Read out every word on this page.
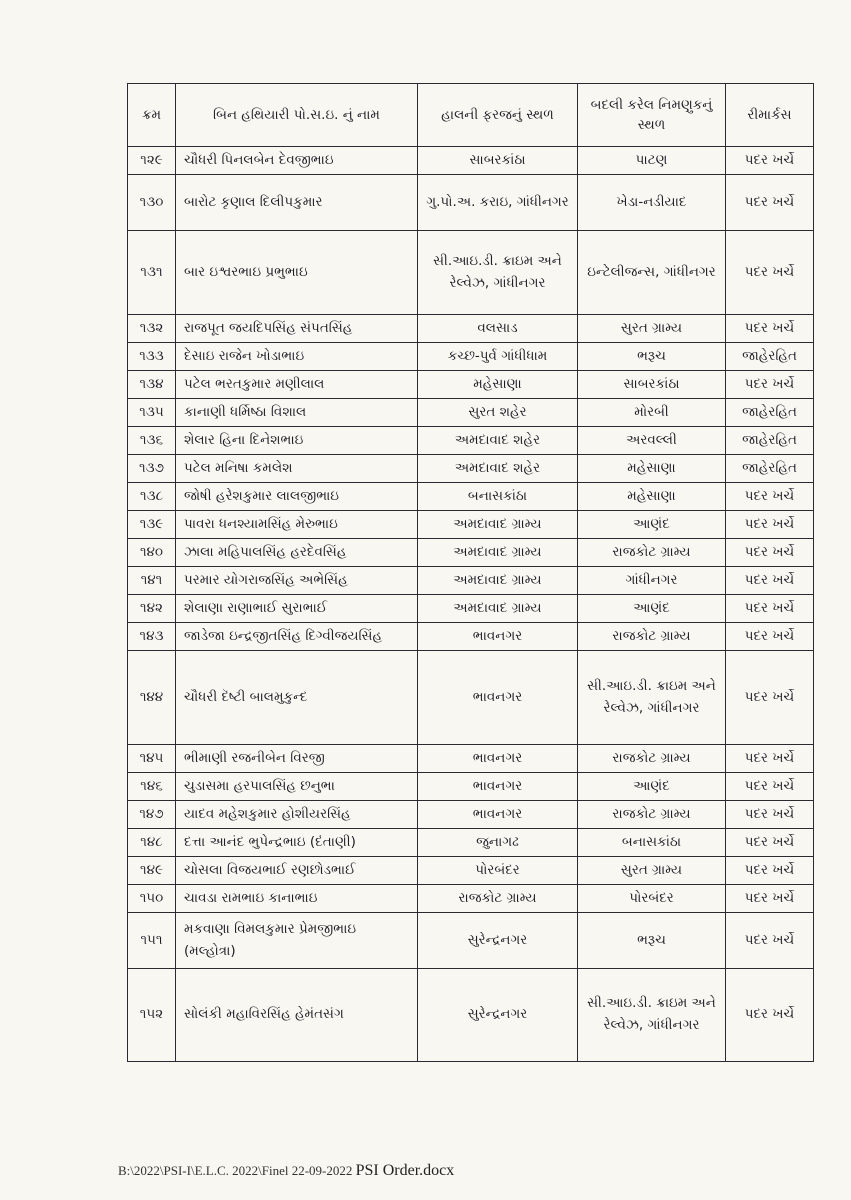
ક્રમ	બિન હથિયારી પો.સ.ઇ. નું નામ	હાલની ફરજનું સ્થળ	બદલી કરેલ નિમણુકનું સ્થળ	રીમાર્કસ
૧૨૯	ચૌધરી પિનલબેન દેવજીભાઇ	સાબરકાંઠા	પાટણ	પદર ખર્ચે
૧૩૦	બારોટ કૃણાલ દિલીપકુમાર	ગુ.પો.અ. કરાઇ, ગાંધીનગર	ખેડા-નડીયાદ	પદર ખર્ચે
૧૩૧	બાર ઇશ્વરભાઇ પ્રભુભાઇ	સી.આઇ.ડી. ક્રાઇમ અને રેલ્વેઝ, ગાંધીનગર	ઇન્ટેલીજન્સ, ગાંધીનગર	પદર ખર્ચે
૧૩૨	રાજપૂત જયદિપસિંહ સંપતસિંહ	વલસાડ	સુરત ગ્રામ્ય	પદર ખર્ચે
૧૩૩	દેસાઇ રાજેન ખોડાભાઇ	કચ્છ-પુર્વ ગાંધીધામ	ભરૂચ	જાહેરહિત
૧૩૪	પટેલ ભરતકુમાર મણીલાલ	મહેસાણા	સાબરકાંઠા	પદર ખર્ચે
૧૩૫	કાનાણી ધર્મિષ્ઠા વિશાલ	સુરત શહેર	મોરબી	જાહેરહિત
૧૩૬	શેલાર હિના દિનેશભાઇ	અમદાવાદ શહેર	અરવલ્લી	જાહેરહિત
૧૩૭	પટેલ મનિષા કમલેશ	અમદાવાદ શહેર	મહેસાણા	જાહેરહિત
૧૩૮	જોષી હરેશકુમાર લાલજીભાઇ	બનાસકાંઠા	મહેસાણા	પદર ખર્ચે
૧૩૯	પાવરા ધનશ્યામસિંહ મેરુભાઇ	અમદાવાદ ગ્રામ્ય	આણંદ	પદર ખર્ચે
૧૪૦	ઝાલા મહિપાલસિંહ હરદેવસિંહ	અમદાવાદ ગ્રામ્ય	રાજકોટ ગ્રામ્ય	પદર ખર્ચે
૧૪૧	પરમાર યોગરાજસિંહ અભેસિંહ	અમદાવાદ ગ્રામ્ય	ગાંધીનગર	પદર ખર્ચે
૧૪૨	શેલાણા રાણાભાઈ સુરાભાઈ	અમદાવાદ ગ્રામ્ય	આણંદ	પદર ખર્ચે
૧૪૩	જાડેજા ઇન્દ્રજીતસિંહ દિગ્વીજયસિંહ	ભાવનગર	રાજકોટ ગ્રામ્ય	પદર ખર્ચે
૧૪૪	ચૌધરી દૅષ્ટી બાલમુકુન્દ	ભાવનગર	સી.આઇ.ડી. ક્રાઇમ અને રેલ્વેઝ, ગાંધીનગર	પદર ખર્ચે
૧૪૫	ભીમાણી રજનીબેન વિરજી	ભાવનગર	રાજકોટ ગ્રામ્ય	પદર ખર્ચે
૧૪૬	ચુડાસમા હરપાલસિંહ છનુભા	ભાવનગર	આણંદ	પદર ખર્ચે
૧૪૭	યાદવ મહેશકુમાર હોશીયરસિંહ	ભાવનગર	રાજકોટ ગ્રામ્ય	પદર ખર્ચે
૧૪૮	દત્તા આનંદ ભુપેન્દ્રભાઇ (દંતાણી)	જુનાગઢ	બનાસકાંઠા	પદર ખર્ચે
૧૪૯	ચોસલા વિજયભાઈ રણછોડભાઈ	પોરબંદર	સુરત ગ્રામ્ય	પદર ખર્ચે
૧૫૦	ચાવડા રામભાઇ કાનાભાઇ	રાજકોટ ગ્રામ્ય	પોરબંદર	પદર ખર્ચે
૧૫૧	મકવાણા વિમલકુમાર પ્રેમજીભાઇ (મલ્હોત્રા)	સુરેન્દ્રનગર	ભરૂચ	પદર ખર્ચે
૧૫૨	સોલંકી મહાવિરસિંહ હેમંતસંગ	સુરેન્દ્રનગર	સી.આઇ.ડી. ક્રાઇમ અને રેલ્વેઝ, ગાંધીનગર	પદર ખર્ચે
B:\2022\PSI-I\E.L.C. 2022\Finel 22-09-2022 PSI Order.docx
